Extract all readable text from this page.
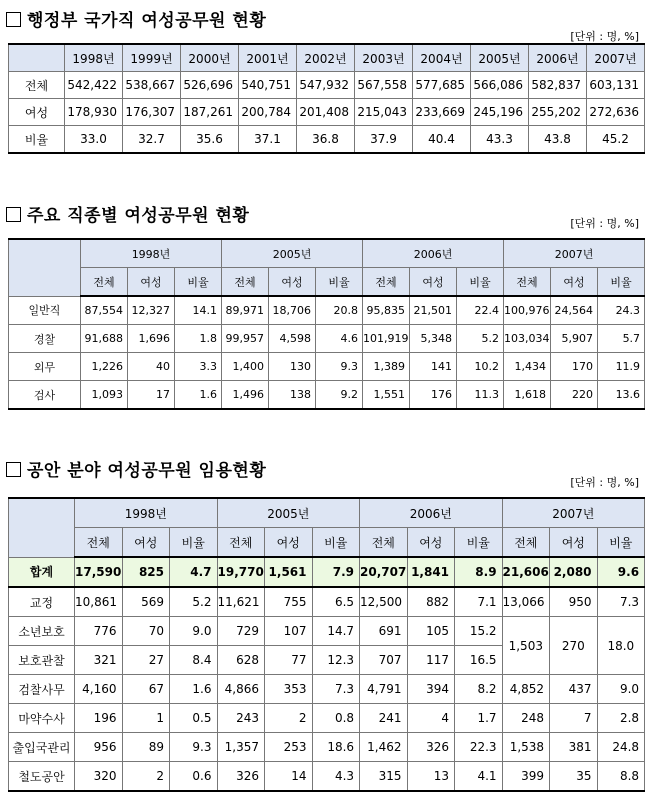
행정부 국가직 여성공무원 현황
[단위 : 명, %]
	1998년	1999년	2000년	2001년	2002년	2003년	2004년	2005년	2006년	2007년
전체	542,422	538,667	526,696	540,751	547,932	567,558	577,685	566,086	582,837	603,131
여성	178,930	176,307	187,261	200,784	201,408	215,043	233,669	245,196	255,202	272,636
비율	33.0	32.7	35.6	37.1	36.8	37.9	40.4	43.3	43.8	45.2
주요 직종별 여성공무원 현황	[단위 : 명, %]
	1998년			2005년			2006년			2007년		
	전체	여성	비율	전체	여성	비율	전체	여성	비율	전체	여성	비율
일반직	87,554	12,327	14.1	89,971	18,706	20.8	95,835	21,501	22.4	100,976	24,564	24.3
경찰	91,688	1,696	1.8	99,957	4,598	4.6	101,919	5,348	5.2	103,034	5,907	5.7
외무	1,226	40	3.3	1,400	130	9.3	1,389	141	10.2	1,434	170	11.9
검사	1,093	17	1.6	1,496	138	9.2	1,551	176	11.3	1,618	220	13.6
공안 분야 여성공무원 임용현황
[단위 : 명, %]
	1998년			2005년			2006년			2007년		
	전체	여성	비율	전체	여성	비율	전체	여성	비율	전체	여성	비율
합계	17,590	825	4.7	19,770	1,561	7.9	20,707	1,841	8.9	21,606	2,080	9.6
교정	10,861	569	5.2	11,621	755	6.5	12,500	882	7.1	13,066	950	7.3
소년보호	776	70	9.0	729	107	14.7	691	105	15.2	1,503	270	18.0
보호관찰	321	27	8.4	628	77	12.3	707	117	16.5			
검찰사무	4,160	67	1.6	4,866	353	7.3	4,791	394	8.2	4,852	437	9.0
마약수사	196	1	0.5	243	2	0.8	241	4	1.7	248	7	2.8
출입국관리	956	89	9.3	1,357	253	18.6	1,462	326	22.3	1,538	381	24.8
철도공안	320	2	0.6	326	14	4.3	315	13	4.1	399	35	8.8
